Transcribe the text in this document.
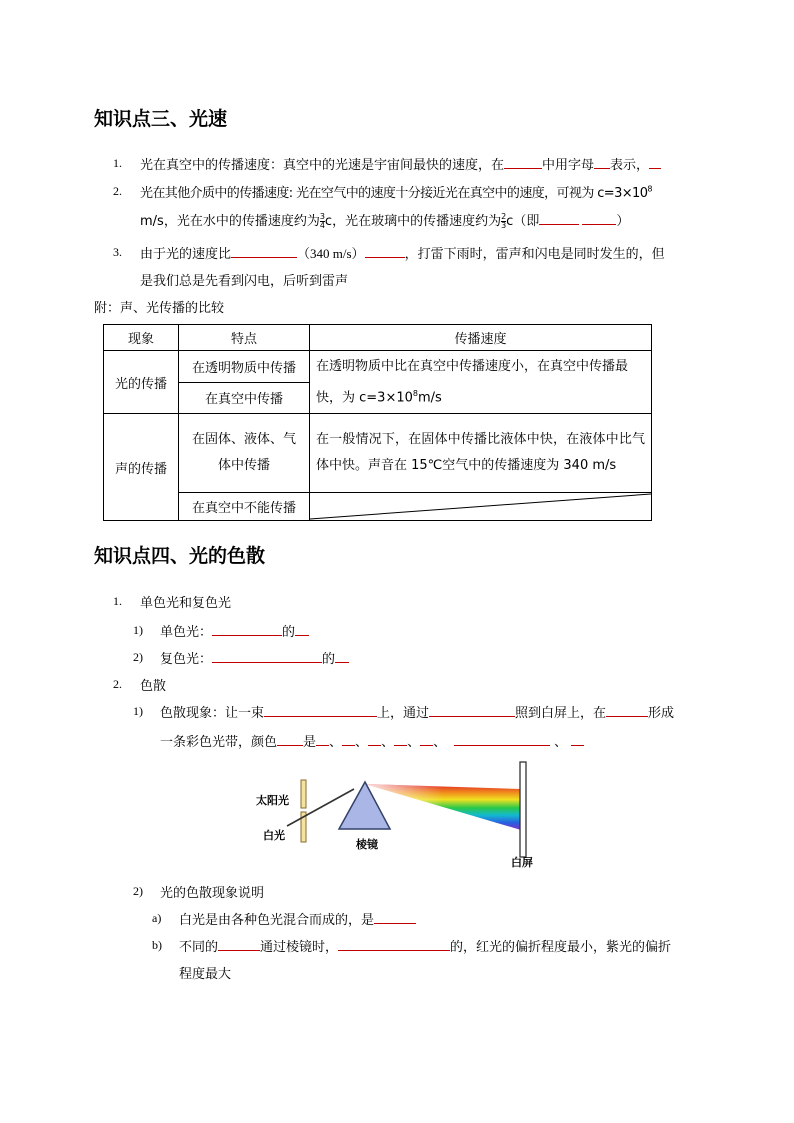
知识点三、光速
1. 光在真空中的传播速度：真空中的光速是宇宙间最快的速度，在	中用字母 表示，
2. 光在其他介质中的传播速度: 光在空气中的速度十分接近光在真空中的速度，可视为 $c=3\times 10^8$
m/s，光在水中的传播速度约为 $\frac{3}{4}$ c，光在玻璃中的传播速度约为 $\frac{2}{3} c$（即	）
3. 由于光的速度比	（340 m/s）	，打雷下雨时，雷声和闪电是同时发生的，但
是我们总是先看到闪电，后听到雷声
附：声、光传播的比较
现象	特点	传播速度
光的传播	在透明物质中传播	在透明物质中比在真空中传播速度小，在真空中传播最快，为 $c=3\times 10^8m/s$

	在真空中传播	
声的传播	在固体、液体、气体中传播	在一般情况下，在固体中传播比液体中快，在液体中比气体中快。声音在 15℃空气中的传播速度为 340 m/s

	在真空中不能传播	
知识点四、光的色散
1. 单色光和复色光
1) 单色光：	的
2) 复色光：	的
2. 色散
1) 色散现象：让一束	上，通过	照到白屏上，在	形成
一条彩色光带，颜色 是 、 、 、 、 、	、
太阳光
白光
棱镜
白屏
2) 光的色散现象说明
a) 白光是由各种色光混合而成的，是
b) 不同的	通过棱镜时，	的，红光的偏折程度最小，紫光的偏折
程度最大
